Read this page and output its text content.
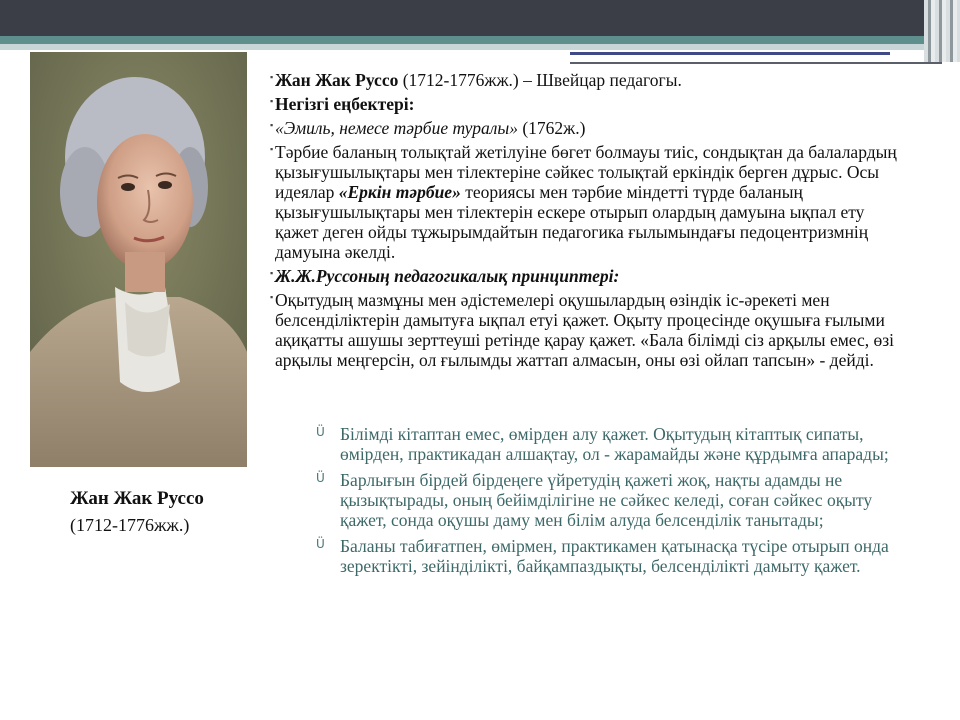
Жан Жак Руссо
(1712-1776жж.)

▪ Жан Жак Руссо (1712-1776жж.) – Швейцар педагогы.

▪ Негізгі еңбектері:

▪ «Эмиль, немесе тәрбие туралы» (1762ж.)

▪ Тәрбие баланың толықтай жетілуіне бөгет болмауы тиіс, сондықтан да балалардың қызығушылықтары мен тілектеріне сәйкес толықтай еркіндік берген дұрыс. Осы идеялар «Еркін тәрбие» теориясы мен тәрбие міндетті түрде баланың қызығушылықтары мен тілектерін ескере отырып олардың дамуына ықпал ету қажет деген ойды тұжырымдайтын педагогика ғылымындағы педоцентризмнің дамуына әкелді.

▪ Ж.Ж.Руссоның педагогикалық принциптері:

▪ Оқытудың мазмұны мен әдістемелері оқушылардың өзіндік іс-әрекеті мен белсенділіктерін дамытуға ықпал етуі қажет. Оқыту процесінде оқушыға ғылыми ақиқатты ашушы зерттеуші ретінде қарау қажет. «Бала білімді сіз арқылы емес, өзі арқылы меңгерсін, ол ғылымды жаттап алмасын, оны өзі ойлап тапсын» - дейді.

Ü Білімді кітаптан емес, өмірден алу қажет. Оқытудың кітаптық сипаты, өмірден, практикадан алшақтау, ол - жарамайды және құрдымға апарады;
Ü Барлығын бірдей бірдеңеге үйретудің қажеті жоқ, нақты адамды не қызықтырады, оның бейімділігіне не сәйкес келеді, соған сәйкес оқыту қажет, сонда оқушы даму мен білім алуда белсенділік танытады;
Ü Баланы табиғатпен, өмірмен, практикамен қатынасқа түсіре отырып онда зеректікті, зейінділікті, байқампаздықты, белсенділікті дамыту қажет.
